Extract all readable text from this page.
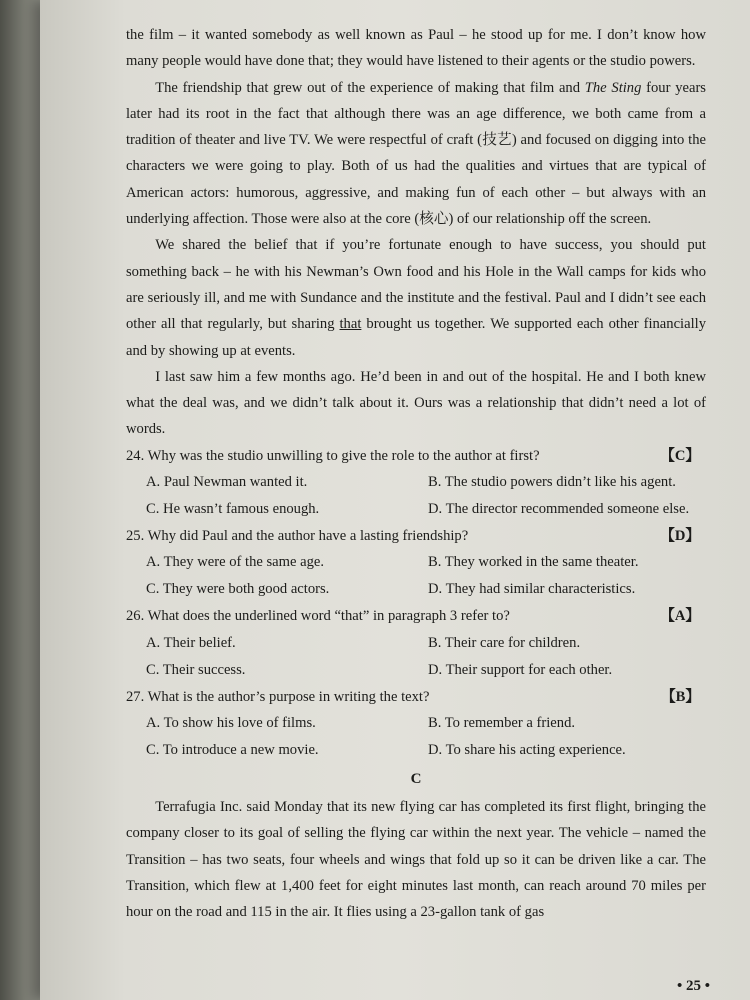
the film – it wanted somebody as well known as Paul – he stood up for me. I don’t know how many people would have done that; they would have listened to their agents or the studio powers.

The friendship that grew out of the experience of making that film and The Sting four years later had its root in the fact that although there was an age difference, we both came from a tradition of theater and live TV. We were respectful of craft (技艺) and focused on digging into the characters we were going to play. Both of us had the qualities and virtues that are typical of American actors: humorous, aggressive, and making fun of each other – but always with an underlying affection. Those were also at the core (核心) of our relationship off the screen.

We shared the belief that if you’re fortunate enough to have success, you should put something back – he with his Newman’s Own food and his Hole in the Wall camps for kids who are seriously ill, and me with Sundance and the institute and the festival. Paul and I didn’t see each other all that regularly, but sharing that brought us together. We supported each other financially and by showing up at events.

I last saw him a few months ago. He’d been in and out of the hospital. He and I both knew what the deal was, and we didn’t talk about it. Ours was a relationship that didn’t need a lot of words.

24. Why was the studio unwilling to give the role to the author at first?	【C】
A. Paul Newman wanted it.	B. The studio powers didn’t like his agent.
C. He wasn’t famous enough.	D. The director recommended someone else.
25. Why did Paul and the author have a lasting friendship?	【D】
A. They were of the same age.	B. They worked in the same theater.
C. They were both good actors.	D. They had similar characteristics.
26. What does the underlined word “that” in paragraph 3 refer to?	【A】
A. Their belief.	B. Their care for children.
C. Their success.	D. Their support for each other.
27. What is the author’s purpose in writing the text?	【B】
A. To show his love of films.	B. To remember a friend.
C. To introduce a new movie.	D. To share his acting experience.
C

Terrafugia Inc. said Monday that its new flying car has completed its first flight, bringing the company closer to its goal of selling the flying car within the next year. The vehicle – named the Transition – has two seats, four wheels and wings that fold up so it can be driven like a car. The Transition, which flew at 1,400 feet for eight minutes last month, can reach around 70 miles per hour on the road and 115 in the air. It flies using a 23-gallon tank of gas

• 25 •
